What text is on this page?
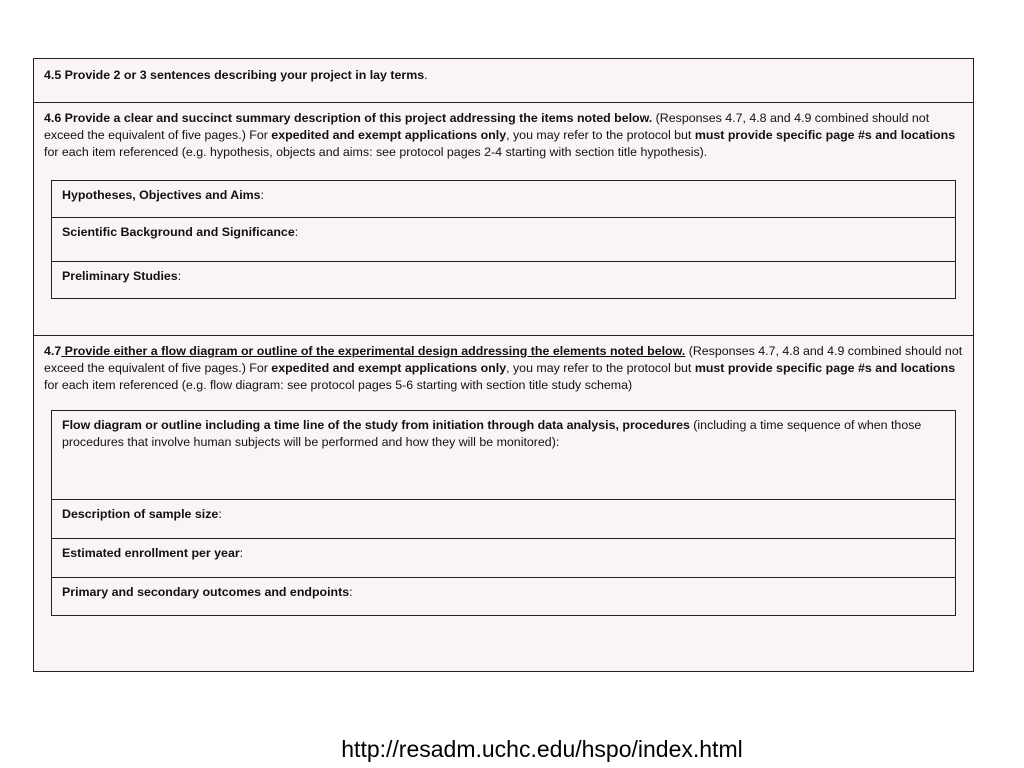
4.5 Provide 2 or 3 sentences describing your project in lay terms.
4.6 Provide a clear and succinct summary description of this project addressing the items noted below. (Responses 4.7, 4.8 and 4.9 combined should not exceed the equivalent of five pages.) For expedited and exempt applications only, you may refer to the protocol but must provide specific page #s and locations for each item referenced (e.g. hypothesis, objects and aims: see protocol pages 2-4 starting with section title hypothesis).
Hypotheses, Objectives and Aims:
Scientific Background and Significance:
Preliminary Studies:
4.7 Provide either a flow diagram or outline of the experimental design addressing the elements noted below. (Responses 4.7, 4.8 and 4.9 combined should not exceed the equivalent of five pages.) For expedited and exempt applications only, you may refer to the protocol but must provide specific page #s and locations for each item referenced (e.g. flow diagram: see protocol pages 5-6 starting with section title study schema)
Flow diagram or outline including a time line of the study from initiation through data analysis, procedures (including a time sequence of when those procedures that involve human subjects will be performed and how they will be monitored):
Description of sample size:
Estimated enrollment per year:
Primary and secondary outcomes and endpoints:
http://resadm.uchc.edu/hspo/index.html
